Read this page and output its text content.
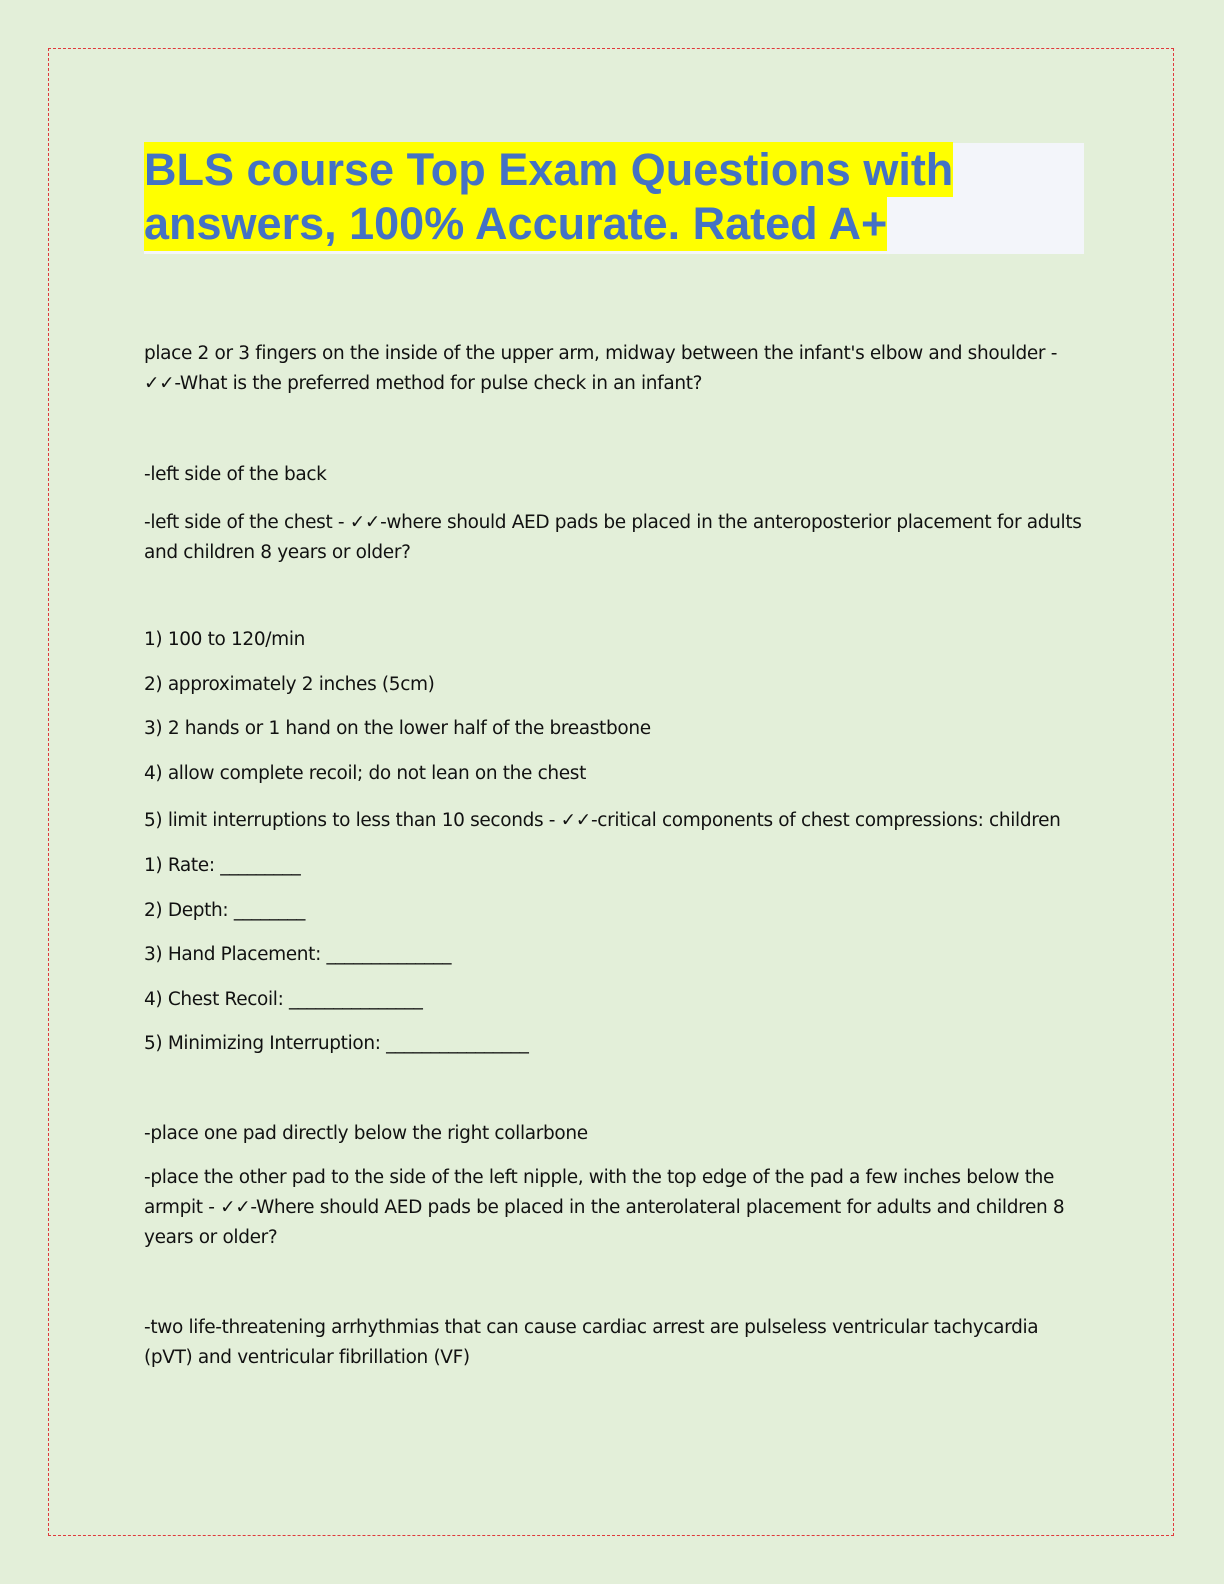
BLS course Top Exam Questions with answers, 100% Accurate. Rated A+

place 2 or 3 fingers on the inside of the upper arm, midway between the infant's elbow and shoulder -
✓✓-What is the preferred method for pulse check in an infant?

-left side of the back

-left side of the chest - ✓✓-where should AED pads be placed in the anteroposterior placement for adults and children 8 years or older?

1) 100 to 120/min

2) approximately 2 inches (5cm)

3) 2 hands or 1 hand on the lower half of the breastbone

4) allow complete recoil; do not lean on the chest

5) limit interruptions to less than 10 seconds - ✓✓-critical components of chest compressions: children

1) Rate: _________

2) Depth: ________

3) Hand Placement: ______________

4) Chest Recoil: _______________

5) Minimizing Interruption: ________________

-place one pad directly below the right collarbone

-place the other pad to the side of the left nipple, with the top edge of the pad a few inches below the armpit - ✓✓-Where should AED pads be placed in the anterolateral placement for adults and children 8 years or older?

-two life-threatening arrhythmias that can cause cardiac arrest are pulseless ventricular tachycardia (pVT) and ventricular fibrillation (VF)
